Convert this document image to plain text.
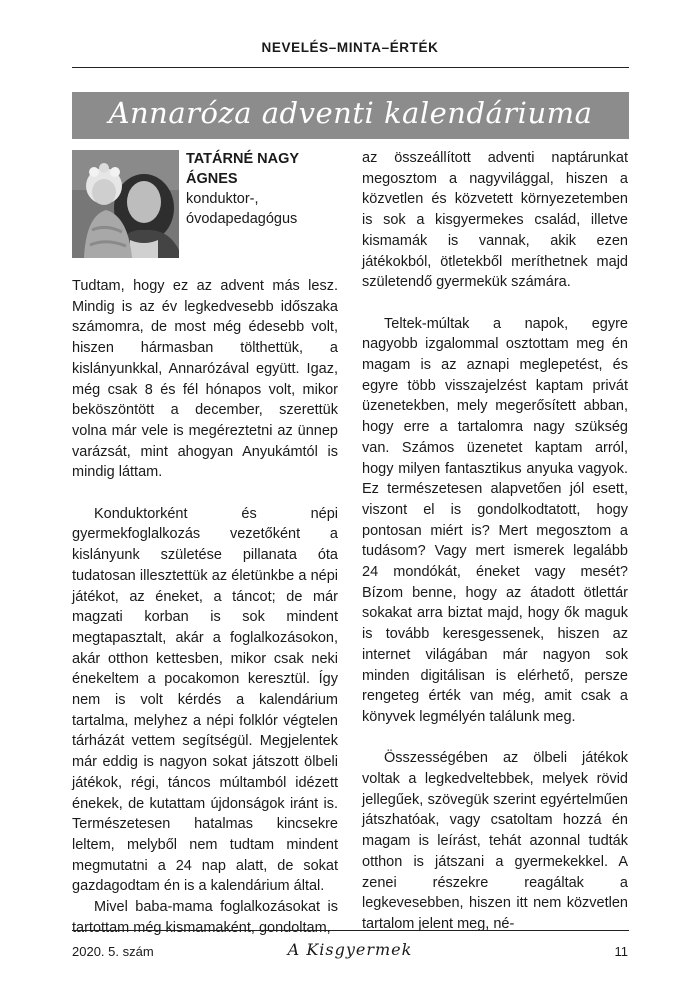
NEVELÉS–MINTA–ÉRTÉK
Annaróza adventi kalendáriuma
TATÁRNÉ NAGY ÁGNES
konduktor-,
óvodapedagógus

Tudtam, hogy ez az advent más lesz. Mindig is az év legkedvesebb időszaka számomra, de most még édesebb volt, hiszen hármasban tölthettük, a kislányunkkal, Annarózával együtt. Igaz, még csak 8 és fél hónapos volt, mikor beköszöntött a december, szerettük volna már vele is megéreztetni az ünnep varázsát, mint ahogyan Anyukámtól is mindig láttam.

Konduktorként és népi gyermekfoglalkozás vezetőként a kislányunk születése pillanata óta tudatosan illesztettük az életünkbe a népi játékot, az éneket, a táncot; de már magzati korban is sok mindent megtapasztalt, akár a foglalkozásokon, akár otthon kettesben, mikor csak neki énekeltem a pocakomon keresztül. Így nem is volt kérdés a kalendárium tartalma, melyhez a népi folklór végtelen tárházát vettem segítségül. Megjelentek már eddig is nagyon sokat játszott ölbeli játékok, régi, táncos múltamból idézett énekek, de kutattam újdonságok iránt is. Természetesen hatalmas kincsekre leltem, melyből nem tudtam mindent megmutatni a 24 nap alatt, de sokat gazdagodtam én is a kalendárium által.

Mivel baba-mama foglalkozásokat is tartottam még kismamaként, gondoltam,

az összeállított adventi naptárunkat megosztom a nagyvilággal, hiszen a közvetlen és közvetett környezetemben is sok a kisgyermekes család, illetve kismamák is vannak, akik ezen játékokból, ötletekből meríthetnek majd születendő gyermekük számára.

Teltek-múltak a napok, egyre nagyobb izgalommal osztottam meg én magam is az aznapi meglepetést, és egyre több visszajelzést kaptam privát üzenetekben, mely megerősített abban, hogy erre a tartalomra nagy szükség van. Számos üzenetet kaptam arról, hogy milyen fantasztikus anyuka vagyok. Ez természetesen alapvetően jól esett, viszont el is gondolkodtatott, hogy pontosan miért is? Mert megosztom a tudásom? Vagy mert ismerek legalább 24 mondókát, éneket vagy mesét? Bízom benne, hogy az átadott ötlettár sokakat arra biztat majd, hogy ők maguk is tovább keresgessenek, hiszen az internet világában már nagyon sok minden digitálisan is elérhető, persze rengeteg érték van még, amit csak a könyvek legmélyén találunk meg.

Összességében az ölbeli játékok voltak a legkedveltebbek, melyek rövid jellegűek, szövegük szerint egyértelműen játszhatóak, vagy csatoltam hozzá én magam is leírást, tehát azonnal tudták otthon is játszani a gyermekekkel. A zenei részekre reagáltak a legkevesebben, hiszen itt nem közvetlen tartalom jelent meg, né-

2020. 5. szám	A Kisgyermek	11
